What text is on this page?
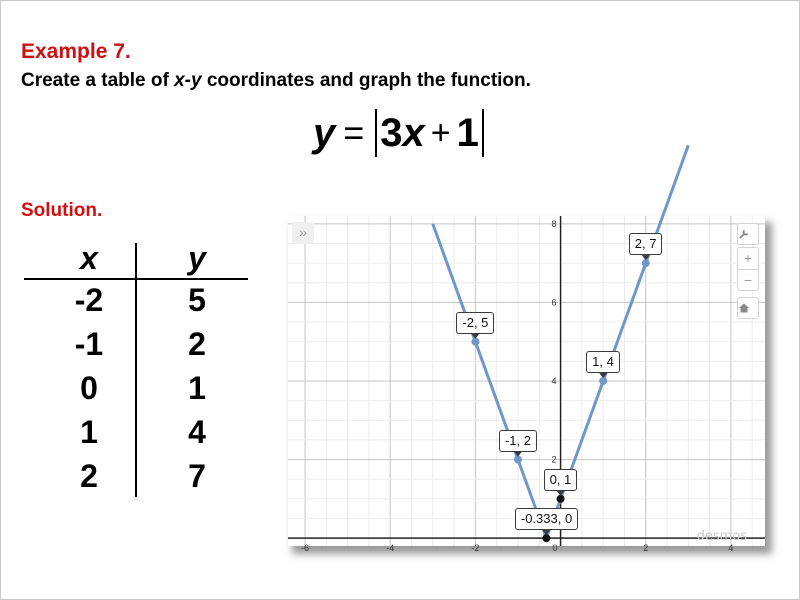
Example 7.
Create a table of x-y coordinates and graph the function.
y = 3 x + 1
Solution.
x	y
-2	5
-1	2
0	1
1	4
2	7
-6	-4	-2	2	4
0
2
4
6
8
»
+
−
desmos
-2, 5
-1, 2
-0.333, 0
0, 1
1, 4
2, 7
